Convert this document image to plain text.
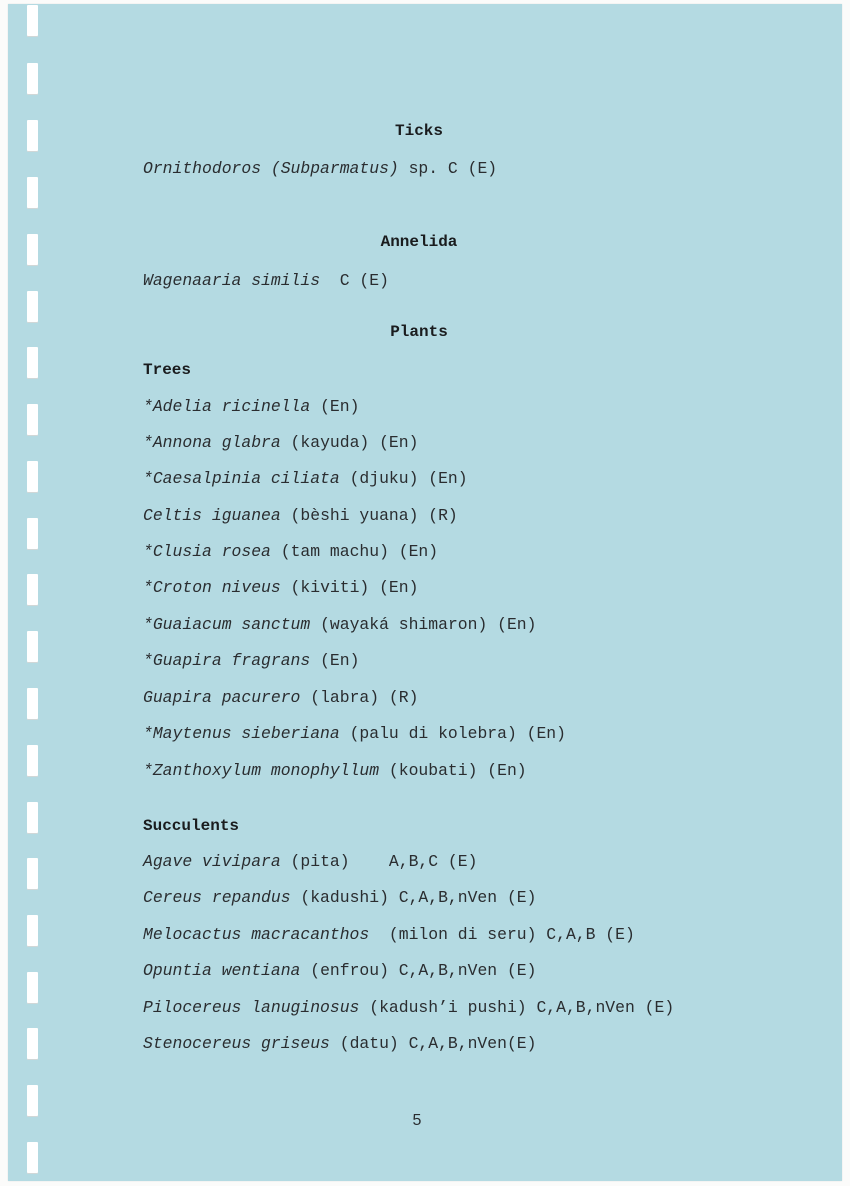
Ticks
Ornithodoros (Subparmatus) sp. C (E)
Annelida
Wagenaaria similis  C (E)
Plants
Trees
*Adelia ricinella (En)
*Annona glabra (kayuda) (En)
*Caesalpinia ciliata (djuku) (En)
Celtis iguanea (bèshi yuana) (R)
*Clusia rosea (tam machu) (En)
*Croton niveus (kiviti) (En)
*Guaiacum sanctum (wayaká shimaron) (En)
*Guapira fragrans (En)
Guapira pacurero (labra) (R)
*Maytenus sieberiana (palu di kolebra) (En)
*Zanthoxylum monophyllum (koubati) (En)
Succulents
Agave vivipara (pita)    A,B,C (E)
Cereus repandus (kadushi) C,A,B,nVen (E)
Melocactus macracanthos  (milon di seru) C,A,B (E)
Opuntia wentiana (enfrou) C,A,B,nVen (E)
Pilocereus lanuginosus (kadush’i pushi) C,A,B,nVen (E)
Stenocereus griseus (datu) C,A,B,nVen(E)
5
